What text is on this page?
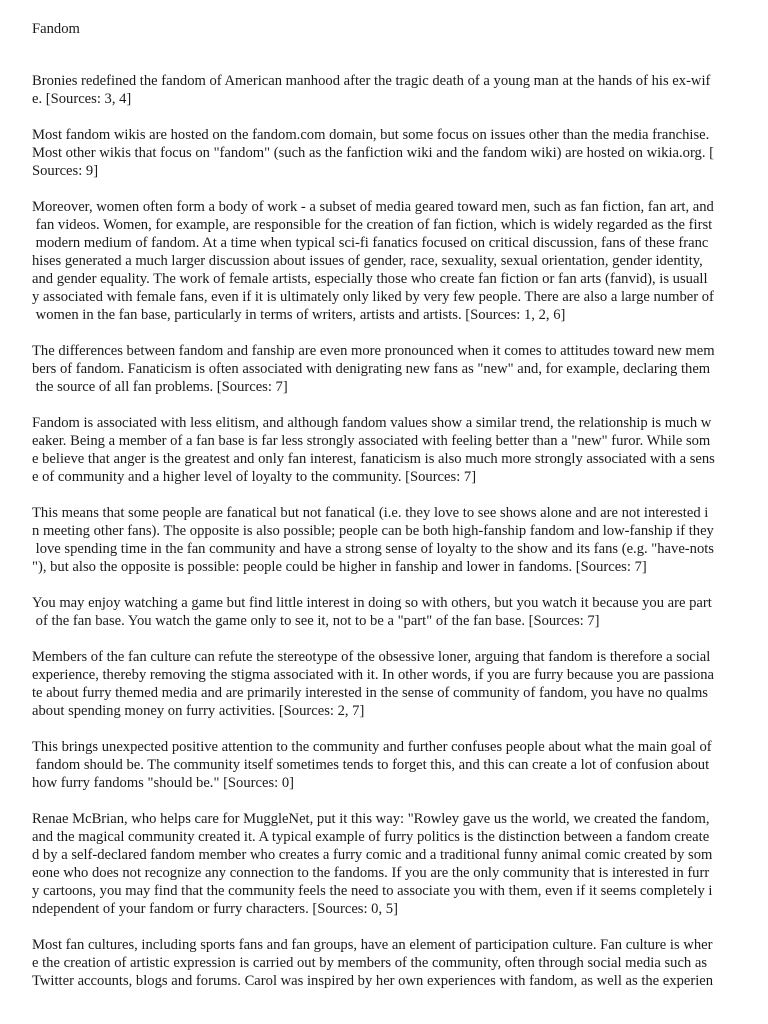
Fandom
Bronies redefined the fandom of American manhood after the tragic death of a young man at the hands of his ex-wif
e. [Sources: 3, 4]
Most fandom wikis are hosted on the fandom.com domain, but some focus on issues other than the media franchise.
Most other wikis that focus on "fandom" (such as the fanfiction wiki and the fandom wiki) are hosted on wikia.org. [
Sources: 9]
Moreover, women often form a body of work - a subset of media geared toward men, such as fan fiction, fan art, and
fan videos. Women, for example, are responsible for the creation of fan fiction, which is widely regarded as the first
modern medium of fandom. At a time when typical sci-fi fanatics focused on critical discussion, fans of these franc
hises generated a much larger discussion about issues of gender, race, sexuality, sexual orientation, gender identity,
and gender equality. The work of female artists, especially those who create fan fiction or fan arts (fanvid), is usuall
y associated with female fans, even if it is ultimately only liked by very few people. There are also a large number of
women in the fan base, particularly in terms of writers, artists and artists. [Sources: 1, 2, 6]
The differences between fandom and fanship are even more pronounced when it comes to attitudes toward new mem
bers of fandom. Fanaticism is often associated with denigrating new fans as "new" and, for example, declaring them
the source of all fan problems. [Sources: 7]
Fandom is associated with less elitism, and although fandom values show a similar trend, the relationship is much w
eaker. Being a member of a fan base is far less strongly associated with feeling better than a "new" furor. While som
e believe that anger is the greatest and only fan interest, fanaticism is also much more strongly associated with a sens
e of community and a higher level of loyalty to the community. [Sources: 7]
This means that some people are fanatical but not fanatical (i.e. they love to see shows alone and are not interested i
n meeting other fans). The opposite is also possible; people can be both high-fanship fandom and low-fanship if they
love spending time in the fan community and have a strong sense of loyalty to the show and its fans (e.g. "have-nots
"), but also the opposite is possible: people could be higher in fanship and lower in fandoms. [Sources: 7]
You may enjoy watching a game but find little interest in doing so with others, but you watch it because you are part
of the fan base. You watch the game only to see it, not to be a "part" of the fan base. [Sources: 7]
Members of the fan culture can refute the stereotype of the obsessive loner, arguing that fandom is therefore a social
experience, thereby removing the stigma associated with it. In other words, if you are furry because you are passiona
te about furry themed media and are primarily interested in the sense of community of fandom, you have no qualms
about spending money on furry activities. [Sources: 2, 7]
This brings unexpected positive attention to the community and further confuses people about what the main goal of
fandom should be. The community itself sometimes tends to forget this, and this can create a lot of confusion about
how furry fandoms "should be." [Sources: 0]
Renae McBrian, who helps care for MuggleNet, put it this way: "Rowley gave us the world, we created the fandom,
and the magical community created it. A typical example of furry politics is the distinction between a fandom create
d by a self-declared fandom member who creates a furry comic and a traditional funny animal comic created by som
eone who does not recognize any connection to the fandoms. If you are the only community that is interested in furr
y cartoons, you may find that the community feels the need to associate you with them, even if it seems completely i
ndependent of your fandom or furry characters. [Sources: 0, 5]
Most fan cultures, including sports fans and fan groups, have an element of participation culture. Fan culture is wher
e the creation of artistic expression is carried out by members of the community, often through social media such as
Twitter accounts, blogs and forums. Carol was inspired by her own experiences with fandom, as well as the experien
